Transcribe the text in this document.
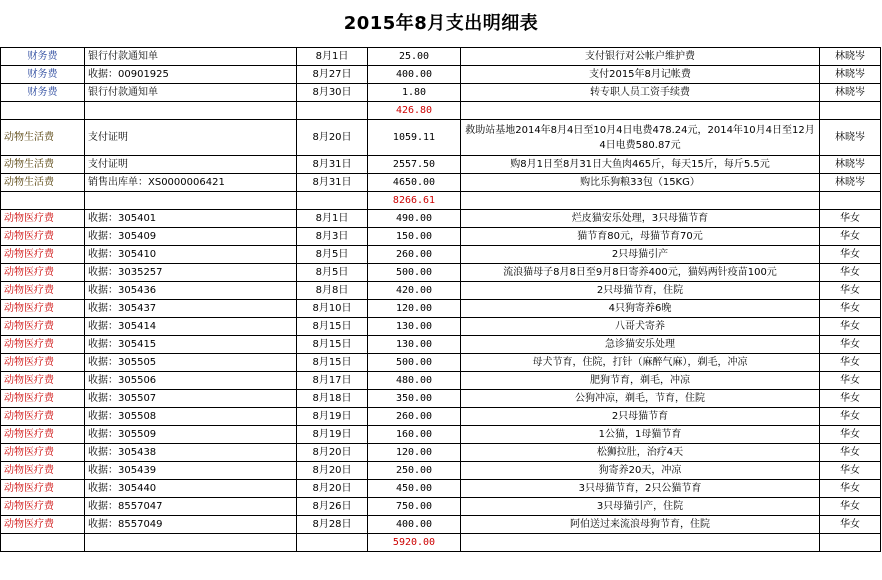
2015年8月支出明细表
财务费	银行付款通知单	8月1日	25.00	支付银行对公帐户维护费	林晓岑
财务费	收据：00901925	8月27日	400.00	支付2015年8月记帐费	林晓岑
财务费	银行付款通知单	8月30日	1.80	转专职人员工资手续费	林晓岑
			426.80		
动物生活费	支付证明	8月20日	1059.11	救助站基地2014年8月4日至10月4日电费478.24元，2014年10月4日至12月4日电费580.87元	林晓岑
动物生活费	支付证明	8月31日	2557.50	购8月1日至8月31日大鱼肉465斤，每天15斤，每斤5.5元	林晓岑
动物生活费	销售出库单：XS0000006421	8月31日	4650.00	购比乐狗粮33包（15KG）	林晓岑
			8266.61		
动物医疗费	收据：305401	8月1日	490.00	烂皮猫安乐处理，3只母猫节育	华女
动物医疗费	收据：305409	8月3日	150.00	猫节育80元，母猫节育70元	华女
动物医疗费	收据：305410	8月5日	260.00	2只母猫引产	华女
动物医疗费	收据：3035257	8月5日	500.00	流浪猫母子8月8日至9月8日寄养400元，猫妈两针疫苗100元	华女
动物医疗费	收据：305436	8月8日	420.00	2只母猫节育，住院	华女
动物医疗费	收据：305437	8月10日	120.00	4只狗寄养6晚	华女
动物医疗费	收据：305414	8月15日	130.00	八哥犬寄养	华女
动物医疗费	收据：305415	8月15日	130.00	急诊猫安乐处理	华女
动物医疗费	收据：305505	8月15日	500.00	母犬节育，住院，打针（麻醉气麻），剃毛，冲凉	华女
动物医疗费	收据：305506	8月17日	480.00	肥狗节育，剃毛，冲凉	华女
动物医疗费	收据：305507	8月18日	350.00	公狗冲凉，剃毛，节育，住院	华女
动物医疗费	收据：305508	8月19日	260.00	2只母猫节育	华女
动物医疗费	收据：305509	8月19日	160.00	1公猫，1母猫节育	华女
动物医疗费	收据：305438	8月20日	120.00	松狮拉肚，治疗4天	华女
动物医疗费	收据：305439	8月20日	250.00	狗寄养20天，冲凉	华女
动物医疗费	收据：305440	8月20日	450.00	3只母猫节育，2只公猫节育	华女
动物医疗费	收据：8557047	8月26日	750.00	3只母猫引产，住院	华女
动物医疗费	收据：8557049	8月28日	400.00	阿伯送过来流浪母狗节育，住院	华女
			5920.00		
